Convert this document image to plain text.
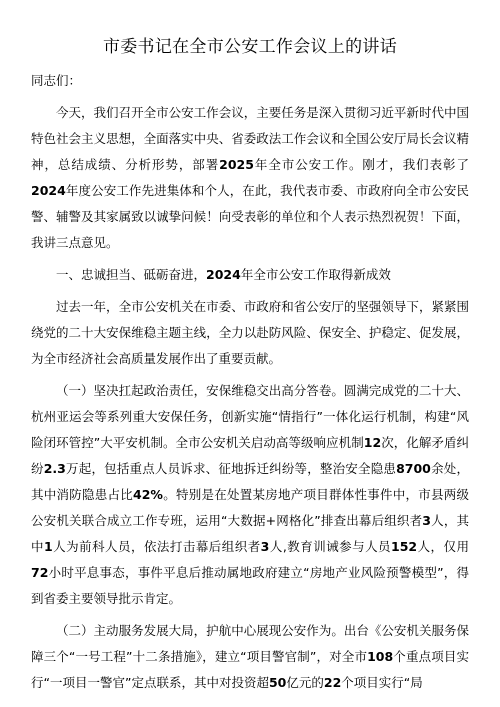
市委书记在全市公安工作会议上的讲话
同志们：
今天，我们召开全市公安工作会议，主要任务是深入贯彻习近平新时代中国特色社会主义思想，全面落实中央、省委政法工作会议和全国公安厅局长会议精神，总结成绩、分析形势，部署2025年全市公安工作。刚才，我们表彰了2024年度公安工作先进集体和个人，在此，我代表市委、市政府向全市公安民警、辅警及其家属致以诚挚问候！向受表彰的单位和个人表示热烈祝贺！下面，我讲三点意见。
一、忠诚担当、砥砺奋进，2024年全市公安工作取得新成效
过去一年，全市公安机关在市委、市政府和省公安厅的坚强领导下，紧紧围绕党的二十大安保维稳主题主线，全力以赴防风险、保安全、护稳定、促发展，为全市经济社会高质量发展作出了重要贡献。
（一）坚决扛起政治责任，安保维稳交出高分答卷。圆满完成党的二十大、杭州亚运会等系列重大安保任务，创新实施“情指行”一体化运行机制，构建“风险闭环管控”大平安机制。全市公安机关启动高等级响应机制12次，化解矛盾纠纷2.3万起，包括重点人员诉求、征地拆迁纠纷等，整治安全隐患8700余处，其中消防隐患占比42%。特别是在处置某房地产项目群体性事件中，市县两级公安机关联合成立工作专班，运用“大数据+网格化”排查出幕后组织者3人，其中1人为前科人员，依法打击幕后组织者3人,教育训诫参与人员152人，仅用72小时平息事态，事件平息后推动属地政府建立“房地产业风险预警模型”，得到省委主要领导批示肯定。
（二）主动服务发展大局，护航中心展现公安作为。出台《公安机关服务保障三个“一号工程”十二条措施》，建立“项目警官制”，对全市108个重点项目实行“一项目一警官”定点联系，其中对投资超50亿元的22个项目实行“局
